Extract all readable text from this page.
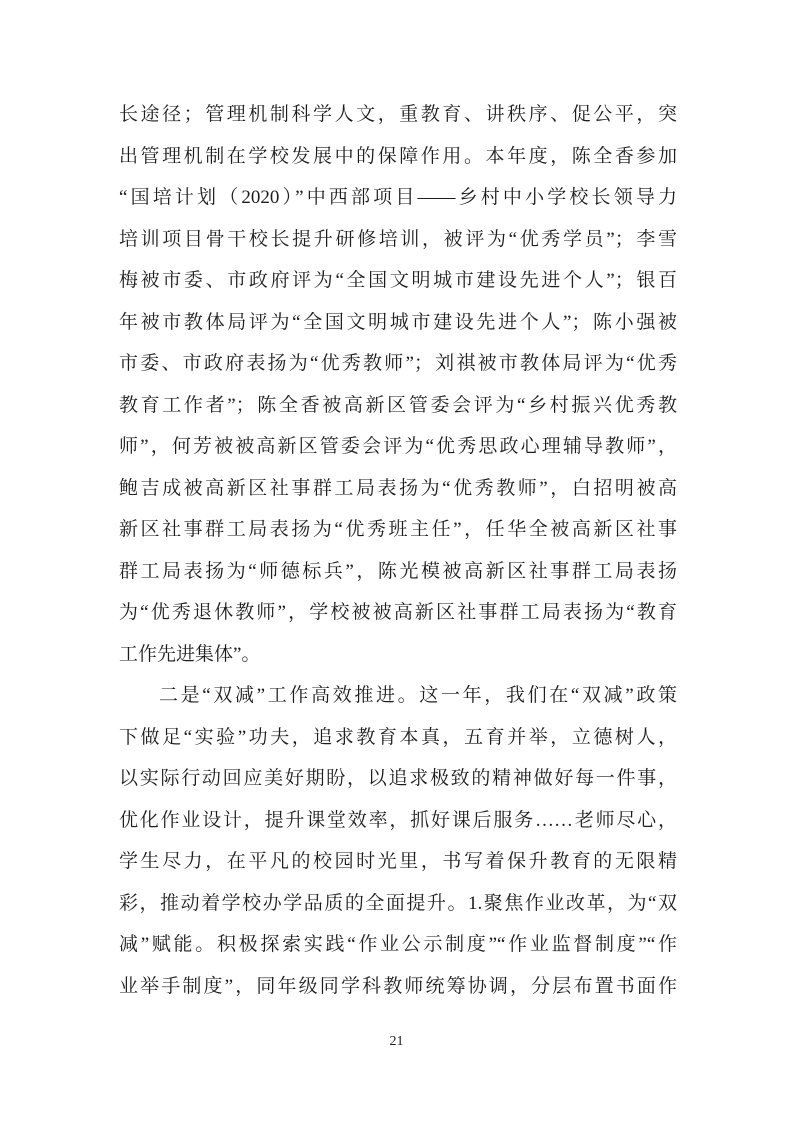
长途径；管理机制科学人文，重教育、讲秩序、促公平，突
出管理机制在学校发展中的保障作用。本年度，陈全香参加
“国培计划（2020）”中西部项目——乡村中小学校长领导力
培训项目骨干校长提升研修培训，被评为“优秀学员”；李雪
梅被市委、市政府评为“全国文明城市建设先进个人”；银百
年被市教体局评为“全国文明城市建设先进个人”；陈小强被
市委、市政府表扬为“优秀教师”；刘祺被市教体局评为“优秀
教育工作者”；陈全香被高新区管委会评为“乡村振兴优秀教
师”，何芳被被高新区管委会评为“优秀思政心理辅导教师”，
鲍吉成被高新区社事群工局表扬为“优秀教师”，白招明被高
新区社事群工局表扬为“优秀班主任”，任华全被高新区社事
群工局表扬为“师德标兵”，陈光模被高新区社事群工局表扬
为“优秀退休教师”，学校被被高新区社事群工局表扬为“教育
工作先进集体”。
二是“双减”工作高效推进。这一年，我们在“双减”政策
下做足“实验”功夫，追求教育本真，五育并举，立德树人，
以实际行动回应美好期盼，以追求极致的精神做好每一件事，
优化作业设计，提升课堂效率，抓好课后服务……老师尽心，
学生尽力，在平凡的校园时光里，书写着保升教育的无限精
彩，推动着学校办学品质的全面提升。1.聚焦作业改革，为“双
减”赋能。积极探索实践“作业公示制度”“作业监督制度”“作
业举手制度”，同年级同学科教师统筹协调，分层布置书面作
21
